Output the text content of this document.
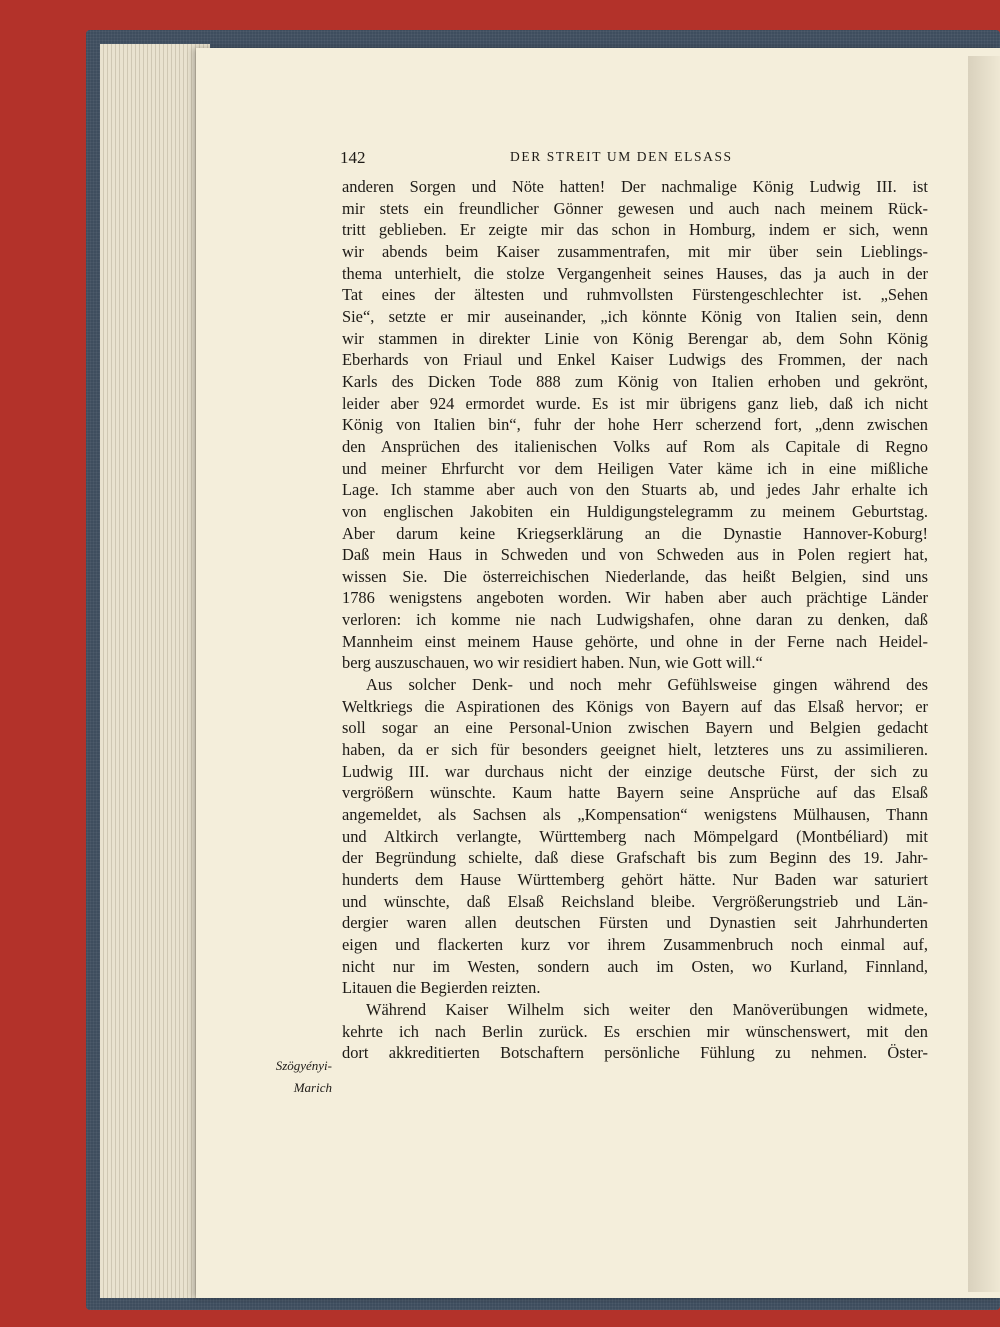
142	DER STREIT UM DEN ELSASS
Szögyényi-
Marich
anderen Sorgen und Nöte hatten! Der nachmalige König Ludwig III. ist
mir stets ein freundlicher Gönner gewesen und auch nach meinem Rück-
tritt geblieben. Er zeigte mir das schon in Homburg, indem er sich, wenn
wir abends beim Kaiser zusammentrafen, mit mir über sein Lieblings-
thema unterhielt, die stolze Vergangenheit seines Hauses, das ja auch in der
Tat eines der ältesten und ruhmvollsten Fürstengeschlechter ist. „Sehen
Sie“, setzte er mir auseinander, „ich könnte König von Italien sein, denn
wir stammen in direkter Linie von König Berengar ab, dem Sohn König
Eberhards von Friaul und Enkel Kaiser Ludwigs des Frommen, der nach
Karls des Dicken Tode 888 zum König von Italien erhoben und gekrönt,
leider aber 924 ermordet wurde. Es ist mir übrigens ganz lieb, daß ich nicht
König von Italien bin“, fuhr der hohe Herr scherzend fort, „denn zwischen
den Ansprüchen des italienischen Volks auf Rom als Capitale di Regno
und meiner Ehrfurcht vor dem Heiligen Vater käme ich in eine mißliche
Lage. Ich stamme aber auch von den Stuarts ab, und jedes Jahr erhalte ich
von englischen Jakobiten ein Huldigungstelegramm zu meinem Geburtstag.
Aber darum keine Kriegserklärung an die Dynastie Hannover-Koburg!
Daß mein Haus in Schweden und von Schweden aus in Polen regiert hat,
wissen Sie. Die österreichischen Niederlande, das heißt Belgien, sind uns
1786 wenigstens angeboten worden. Wir haben aber auch prächtige Länder
verloren: ich komme nie nach Ludwigshafen, ohne daran zu denken, daß
Mannheim einst meinem Hause gehörte, und ohne in der Ferne nach Heidel-
berg auszuschauen, wo wir residiert haben. Nun, wie Gott will.“
Aus solcher Denk- und noch mehr Gefühlsweise gingen während des
Weltkriegs die Aspirationen des Königs von Bayern auf das Elsaß hervor; er
soll sogar an eine Personal-Union zwischen Bayern und Belgien gedacht
haben, da er sich für besonders geeignet hielt, letzteres uns zu assimilieren.
Ludwig III. war durchaus nicht der einzige deutsche Fürst, der sich zu
vergrößern wünschte. Kaum hatte Bayern seine Ansprüche auf das Elsaß
angemeldet, als Sachsen als „Kompensation“ wenigstens Mülhausen, Thann
und Altkirch verlangte, Württemberg nach Mömpelgard (Montbéliard) mit
der Begründung schielte, daß diese Grafschaft bis zum Beginn des 19. Jahr-
hunderts dem Hause Württemberg gehört hätte. Nur Baden war saturiert
und wünschte, daß Elsaß Reichsland bleibe. Vergrößerungstrieb und Län-
dergier waren allen deutschen Fürsten und Dynastien seit Jahrhunderten
eigen und flackerten kurz vor ihrem Zusammenbruch noch einmal auf,
nicht nur im Westen, sondern auch im Osten, wo Kurland, Finnland,
Litauen die Begierden reizten.
Während Kaiser Wilhelm sich weiter den Manöverübungen widmete,
kehrte ich nach Berlin zurück. Es erschien mir wünschenswert, mit den
dort akkreditierten Botschaftern persönliche Fühlung zu nehmen. Öster-
